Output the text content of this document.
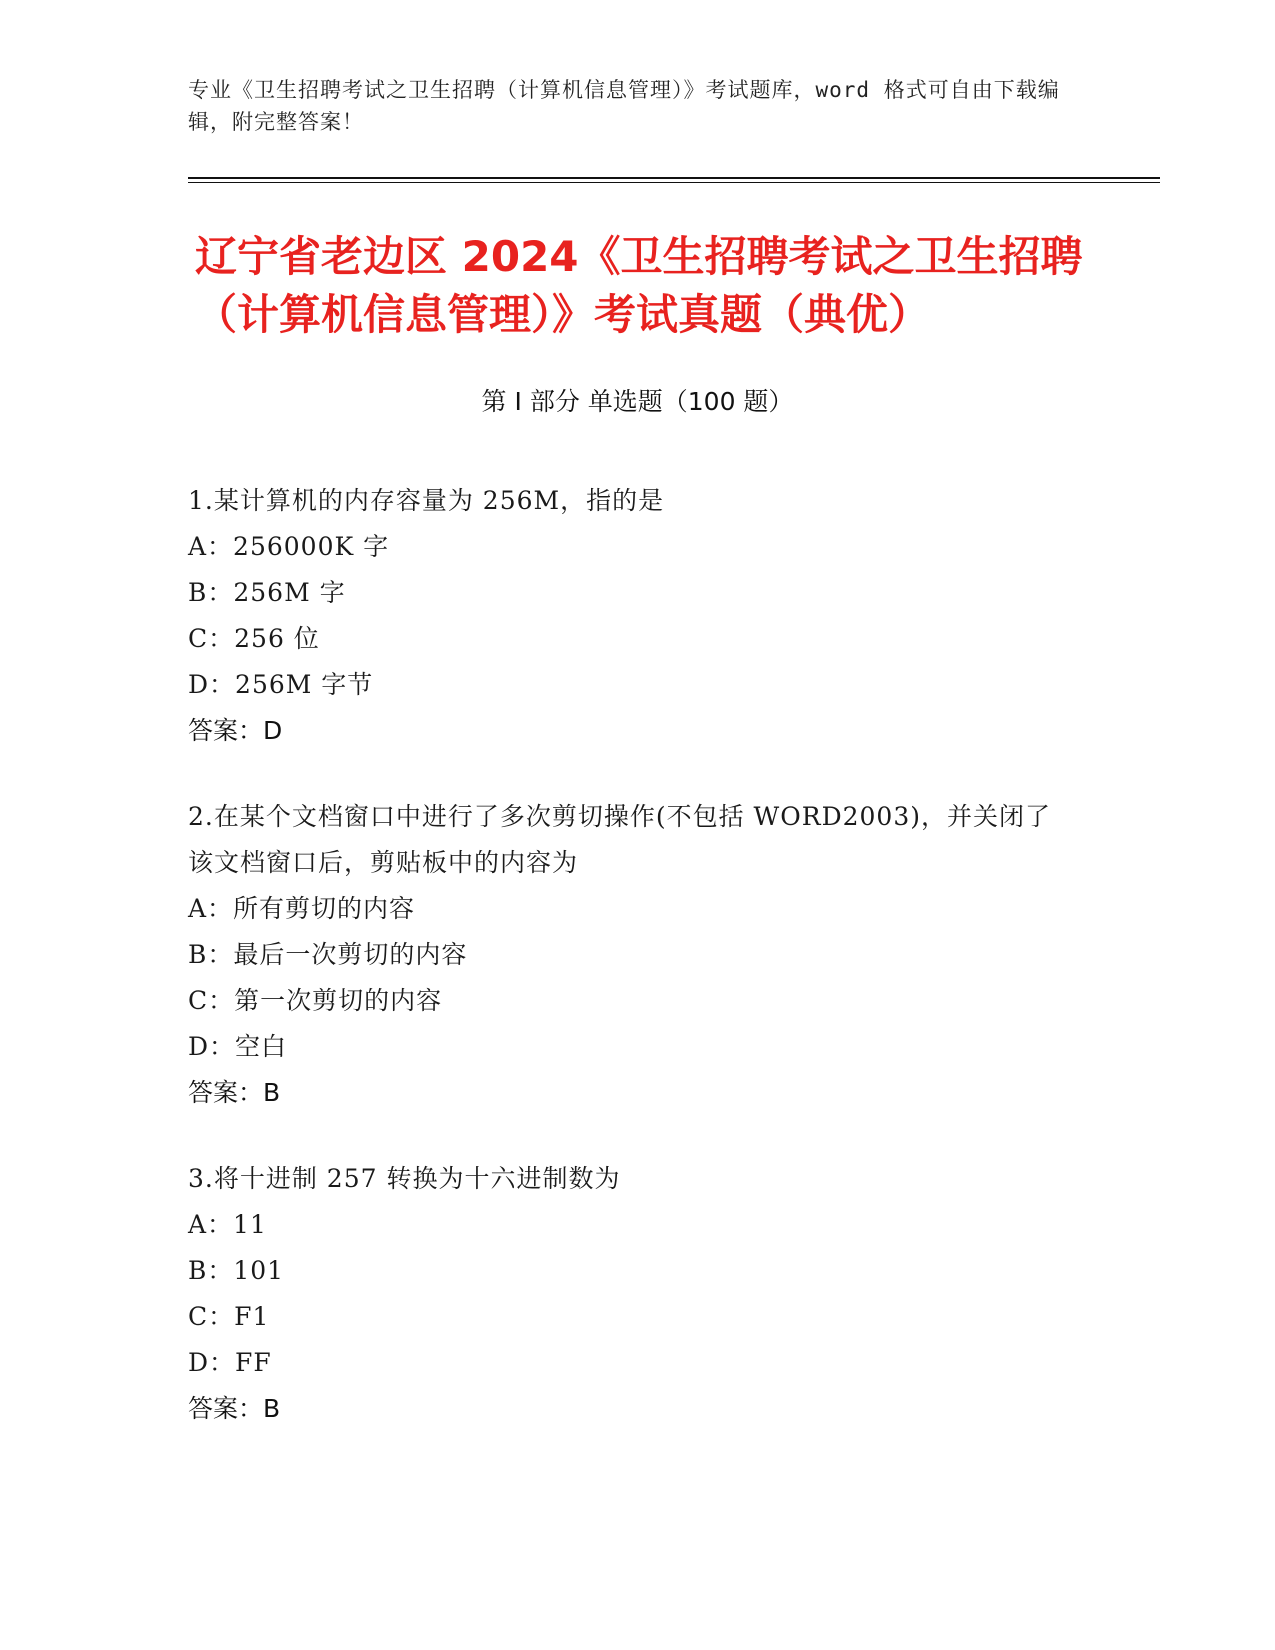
专业《卫生招聘考试之卫生招聘（计算机信息管理）》考试题库，word 格式可自由下载编辑，附完整答案！
辽宁省老边区 2024《卫生招聘考试之卫生招聘（计算机信息管理）》考试真题（典优）
第 I 部分 单选题（100 题）

1.某计算机的内存容量为 256M，指的是

A：256000K 字

B：256M 字

C：256 位

D：256M 字节

答案：D

2.在某个文档窗口中进行了多次剪切操作(不包括 WORD2003)，并关闭了该文档窗口后，剪贴板中的内容为

A：所有剪切的内容

B：最后一次剪切的内容

C：第一次剪切的内容

D：空白

答案：B

3.将十进制 257 转换为十六进制数为

A：11

B：101

C：F1

D：FF

答案：B
